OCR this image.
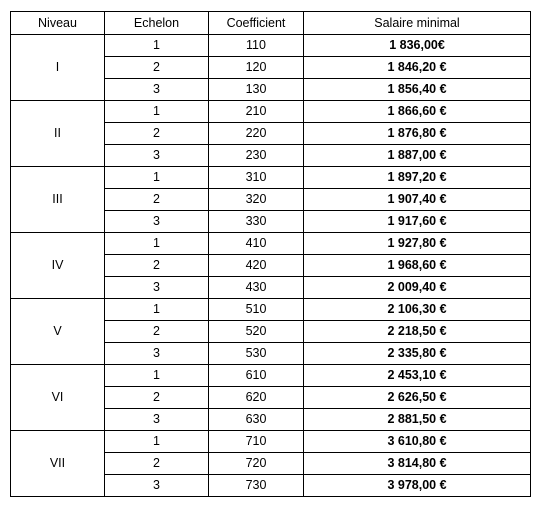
Niveau	Echelon	Coefficient	Salaire minimal
I	1	110	1 836,00€
	2	120	1 846,20 €
	3	130	1 856,40 €
II	1	210	1 866,60 €
	2	220	1 876,80 €
	3	230	1 887,00 €
III	1	310	1 897,20 €
	2	320	1 907,40 €
	3	330	1 917,60 €
IV	1	410	1 927,80 €
	2	420	1 968,60 €
	3	430	2 009,40 €
V	1	510	2 106,30 €
	2	520	2 218,50 €
	3	530	2 335,80 €
VI	1	610	2 453,10 €
	2	620	2 626,50 €
	3	630	2 881,50 €
VII	1	710	3 610,80 €
	2	720	3 814,80 €
	3	730	3 978,00 €
